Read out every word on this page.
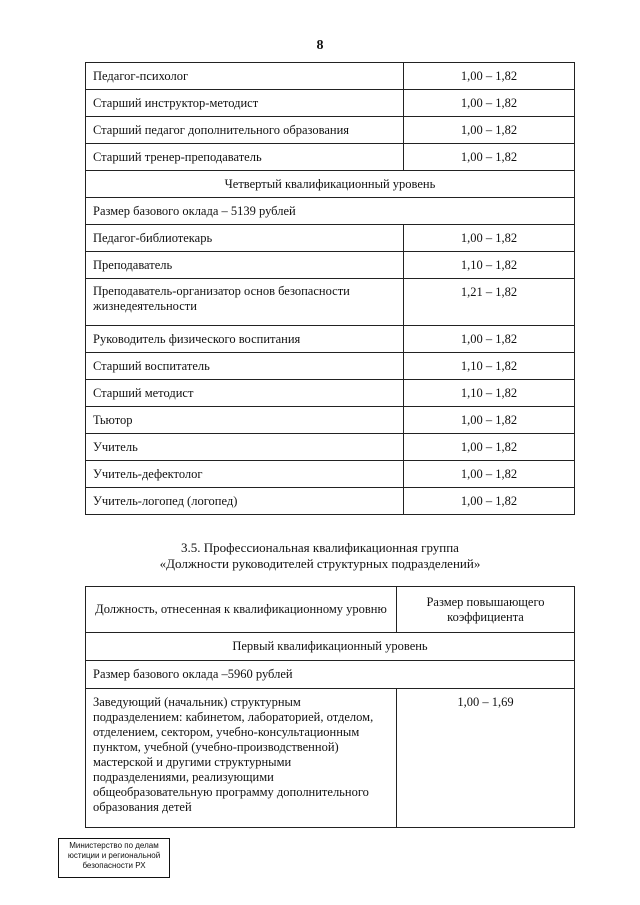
8
Педагог-психолог	1,00 – 1,82
Старший инструктор-методист	1,00 – 1,82
Старший педагог дополнительного образования	1,00 – 1,82
Старший тренер-преподаватель	1,00 – 1,82
Четвертый квалификационный уровень	
Размер базового оклада – 5139 рублей	
Педагог-библиотекарь	1,00 – 1,82
Преподаватель	1,10 – 1,82
Преподаватель-организатор основ безопасности жизнедеятельности	1,21 – 1,82
Руководитель физического воспитания	1,00 – 1,82
Старший воспитатель	1,10 – 1,82
Старший методист	1,10 – 1,82
Тьютор	1,00 – 1,82
Учитель	1,00 – 1,82
Учитель-дефектолог	1,00 – 1,82
Учитель-логопед (логопед)	1,00 – 1,82
3.5. Профессиональная квалификационная группа
«Должности руководителей структурных подразделений»
Должность, отнесенная к квалификационному уровню	Размер повышающего коэффициента
Первый квалификационный уровень	
Размер базового оклада –5960 рублей	
Заведующий (начальник) структурным подразделением: кабинетом, лабораторией, отделом, отделением, сектором, учебно-консультационным пунктом, учебной (учебно-производственной) мастерской и другими структурными подразделениями, реализующими общеобразовательную программу дополнительного образования детей	1,00 – 1,69
Министерство по делам
юстиции и региональной
безопасности РХ
